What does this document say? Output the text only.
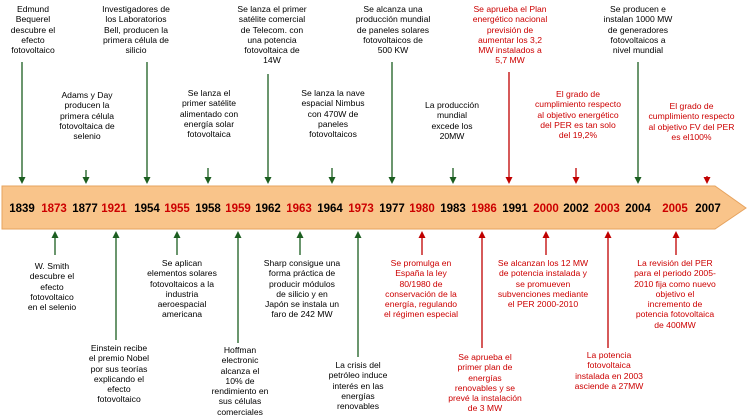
1839 1873 1877 1921 1954 1955 1958 1959 1962 1963 1964 1973 1977 1980 1983 1986 1991 2000 2002 2003 2004 2005 2007
Edmund
Bequerel
descubre el
efecto
fotovoltaico
Adams y Day
producen la
primera célula
fotovoltaica de
selenio
Investigadores de
los Laboratorios
Bell, producen la
primera célula de
silicio
Se lanza el
primer satélite
alimentado con
energía solar
fotovoltaica
Se lanza el primer
satélite comercial
de Telecom. con
una potencia
fotovoltaica de
14W
Se lanza la nave
espacial Nimbus
con 470W de
paneles
fotovoltaicos
Se alcanza una
producción mundial
de paneles solares
fotovoltaicos de
500 KW
La producción
mundial
excede los
20MW
Se aprueba el Plan
energético nacional
previsión de
aumentar los 3,2
MW instalados a
5,7 MW
El grado de
cumplimiento respecto
al objetivo energético
del PER es tan solo
del 19,2%
Se producen e
instalan 1000 MW
de generadores
fotovoltaicos a
nivel mundial
El grado de
cumplimiento respecto
al objetivo FV del PER
es el100%
W. Smith
descubre el
efecto
fotovoltaico
en el selenio
Einstein recibe
el premio Nobel
por sus teorías
explicando el
efecto
fotovoltaico
Se aplican
elementos solares
fotovoltaicos a la
industria
aeroespacial
americana
Hoffman
electronic
alcanza el
10% de
rendimiento en
sus células
comerciales
Sharp consigue una
forma práctica de
producir módulos
de silicio y en
Japón se instala un
faro de 242 MW
La crisis del
petróleo induce
interés en las
energías
renovables
Se promulga en
España la ley
80/1980 de
conservación de la
energía, regulando
el régimen especial
Se aprueba el
primer plan de
energías
renovables y se
prevé la instalación
de 3 MW
Se alcanzan los 12 MW
de potencia instalada y
se promueven
subvenciones mediante
el PER 2000-2010
La potencia
fotovoltaica
instalada en 2003
asciende a 27MW
La revisión del PER
para el periodo 2005-
2010 fija como nuevo
objetivo el
incremento de
potencia fotovoltaica
de 400MW
